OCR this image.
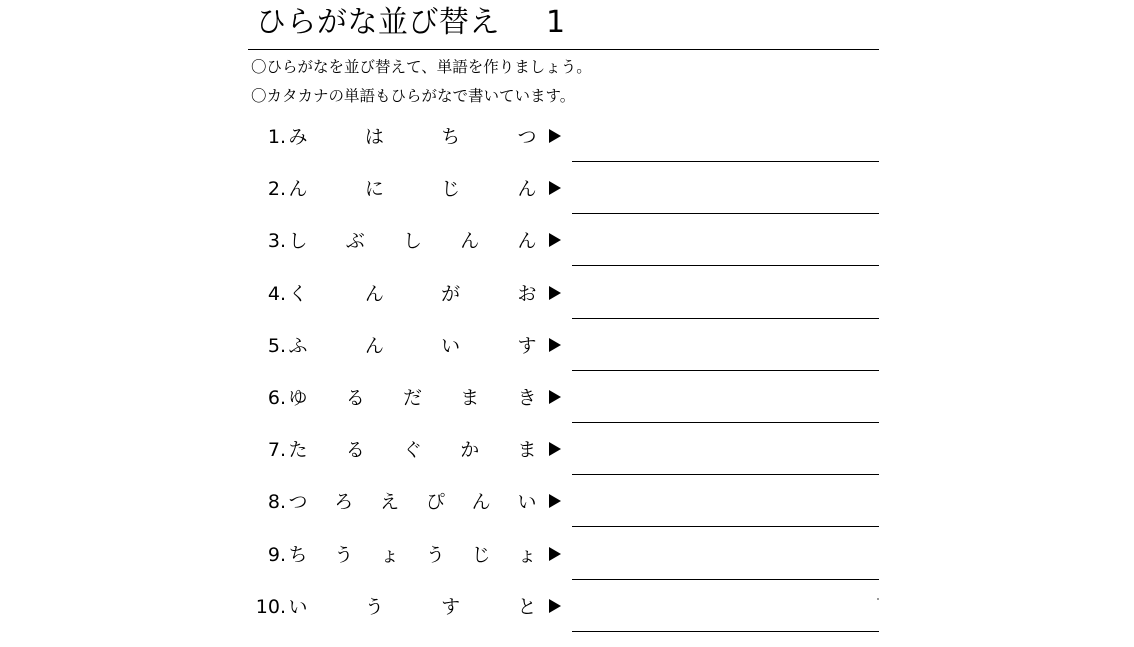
ひらがな並び替え 1
〇ひらがなを並び替えて、単語を作りましょう。
〇カタカナの単語もひらがなで書いています。
1. み	は	ち	つ
2. ん	に	じ	ん
3. し ぶ し ん ん
4. く	ん	が	お
5. ふ	ん	い	す
6. ゆ る だ ま き
7. た る ぐ か ま
8. つ ろ え ぴ ん い
9. ち う ょ う じ ょ
10. い	う	す	と
